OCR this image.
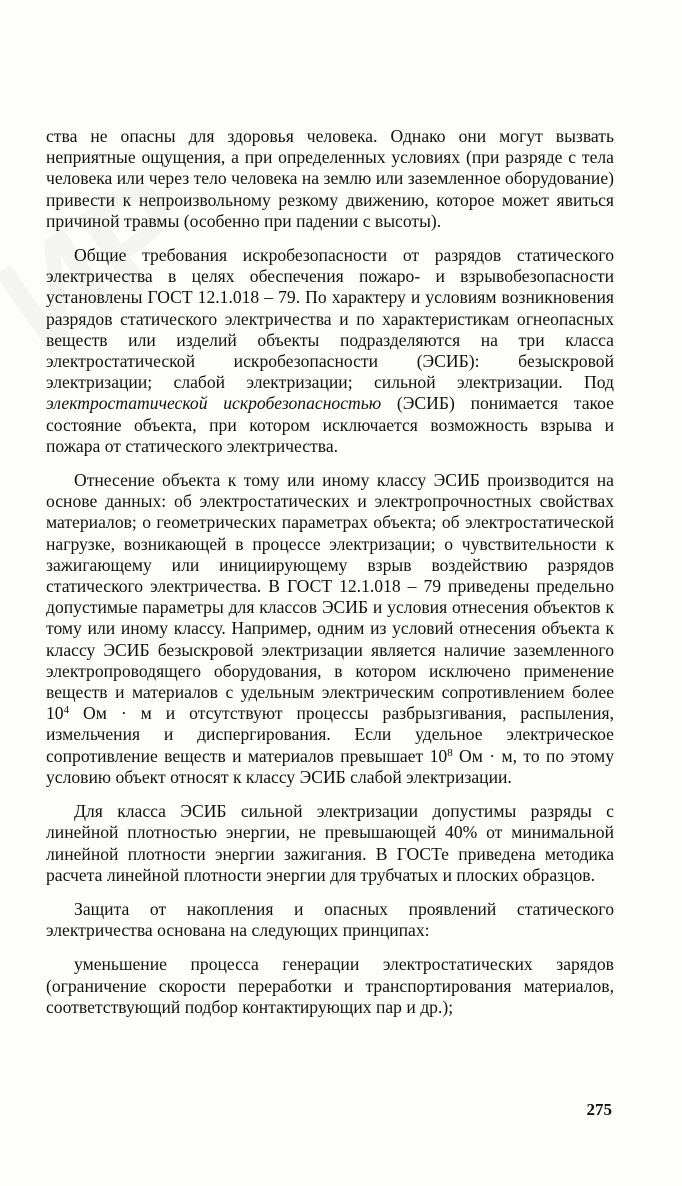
ства не опасны для здоровья человека. Однако они могут вызвать неприятные ощущения, а при определенных условиях (при разряде с тела человека или через тело человека на землю или заземленное оборудование) привести к непроизвольному резкому движению, которое может явиться причиной травмы (особенно при падении с высоты).

Общие требования искробезопасности от разрядов статического электричества в целях обеспечения пожаро- и взрывобезопасности установлены ГОСТ 12.1.018 – 79. По характеру и условиям возникновения разрядов статического электричества и по характеристикам огнеопасных веществ или изделий объекты подразделяются на три класса электростатической искробезопасности (ЭСИБ): безыскровой электризации; слабой электризации; сильной электризации. Под электростатической искробезопасностью (ЭСИБ) понимается такое состояние объекта, при котором исключается возможность взрыва и пожара от статического электричества.

Отнесение объекта к тому или иному классу ЭСИБ производится на основе данных: об электростатических и электропрочностных свойствах материалов; о геометрических параметрах объекта; об электростатической нагрузке, возникающей в процессе электризации; о чувствительности к зажигающему или инициирующему взрыв воздействию разрядов статического электричества. В ГОСТ 12.1.018 – 79 приведены предельно допустимые параметры для классов ЭСИБ и условия отнесения объектов к тому или иному классу. Например, одним из условий отнесения объекта к классу ЭСИБ безыскровой электризации является наличие заземленного электропроводящего оборудования, в котором исключено применение веществ и материалов с удельным электрическим сопротивлением более $10^4$ Ом · м и отсутствуют процессы разбрызгивания, распыления, измельчения и диспергирования. Если удельное электрическое сопротивление веществ и материалов превышает $10^8$ Ом · м, то по этому условию объект относят к классу ЭСИБ слабой электризации.

Для класса ЭСИБ сильной электризации допустимы разряды с линейной плотностью энергии, не превышающей 40% от минимальной линейной плотности энергии зажигания. В ГОСТе приведена методика расчета линейной плотности энергии для трубчатых и плоских образцов.

Защита от накопления и опасных проявлений статического электричества основана на следующих принципах:

уменьшение процесса генерации электростатических зарядов (ограничение скорости переработки и транспортирования материалов, соответствующий подбор контактирующих пар и др.);

275
